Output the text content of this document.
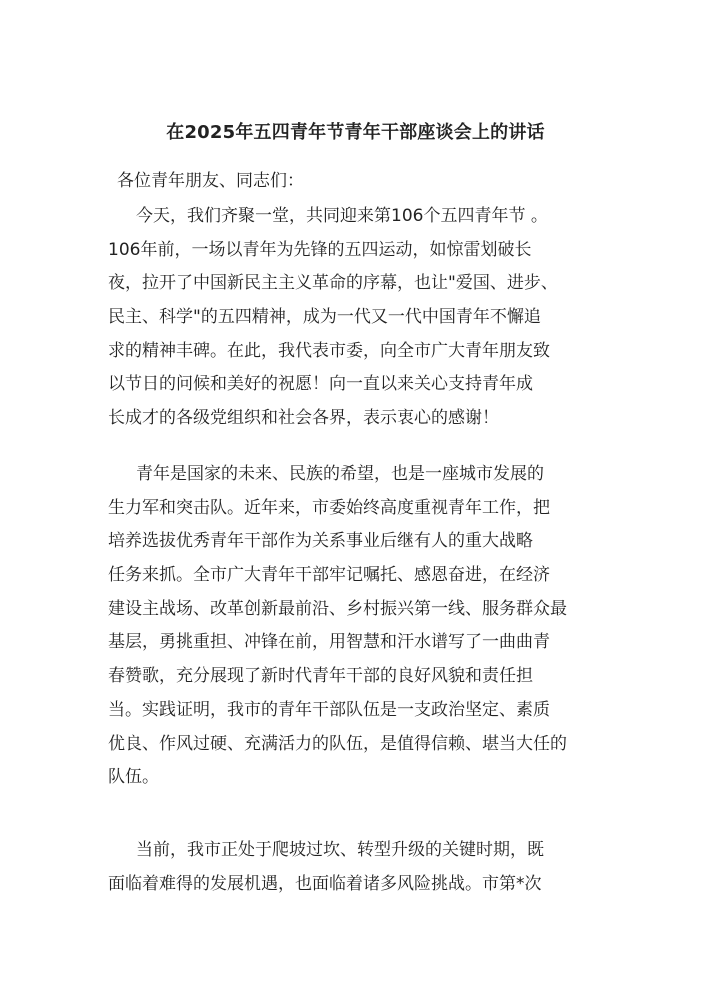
在2025年五四青年节青年干部座谈会上的讲话
各位青年朋友、同志们：
今天，我们齐聚一堂，共同迎来第106个五四青年节 。
106年前，一场以青年为先锋的五四运动，如惊雷划破长
夜，拉开了中国新民主主义革命的序幕，也让"爱国、进步、
民主、科学"的五四精神，成为一代又一代中国青年不懈追
求的精神丰碑。在此，我代表市委，向全市广大青年朋友致
以节日的问候和美好的祝愿！向一直以来关心支持青年成
长成才的各级党组织和社会各界，表示衷心的感谢！
青年是国家的未来、民族的希望，也是一座城市发展的
生力军和突击队。近年来，市委始终高度重视青年工作，把
培养选拔优秀青年干部作为关系事业后继有人的重大战略
任务来抓。全市广大青年干部牢记嘱托、感恩奋进，在经济
建设主战场、改革创新最前沿、乡村振兴第一线、服务群众最
基层，勇挑重担、冲锋在前，用智慧和汗水谱写了一曲曲青
春赞歌，充分展现了新时代青年干部的良好风貌和责任担
当。实践证明，我市的青年干部队伍是一支政治坚定、素质
优良、作风过硬、充满活力的队伍，是值得信赖、堪当大任的
队伍。
当前，我市正处于爬坡过坎、转型升级的关键时期，既
面临着难得的发展机遇，也面临着诸多风险挑战。市第*次
